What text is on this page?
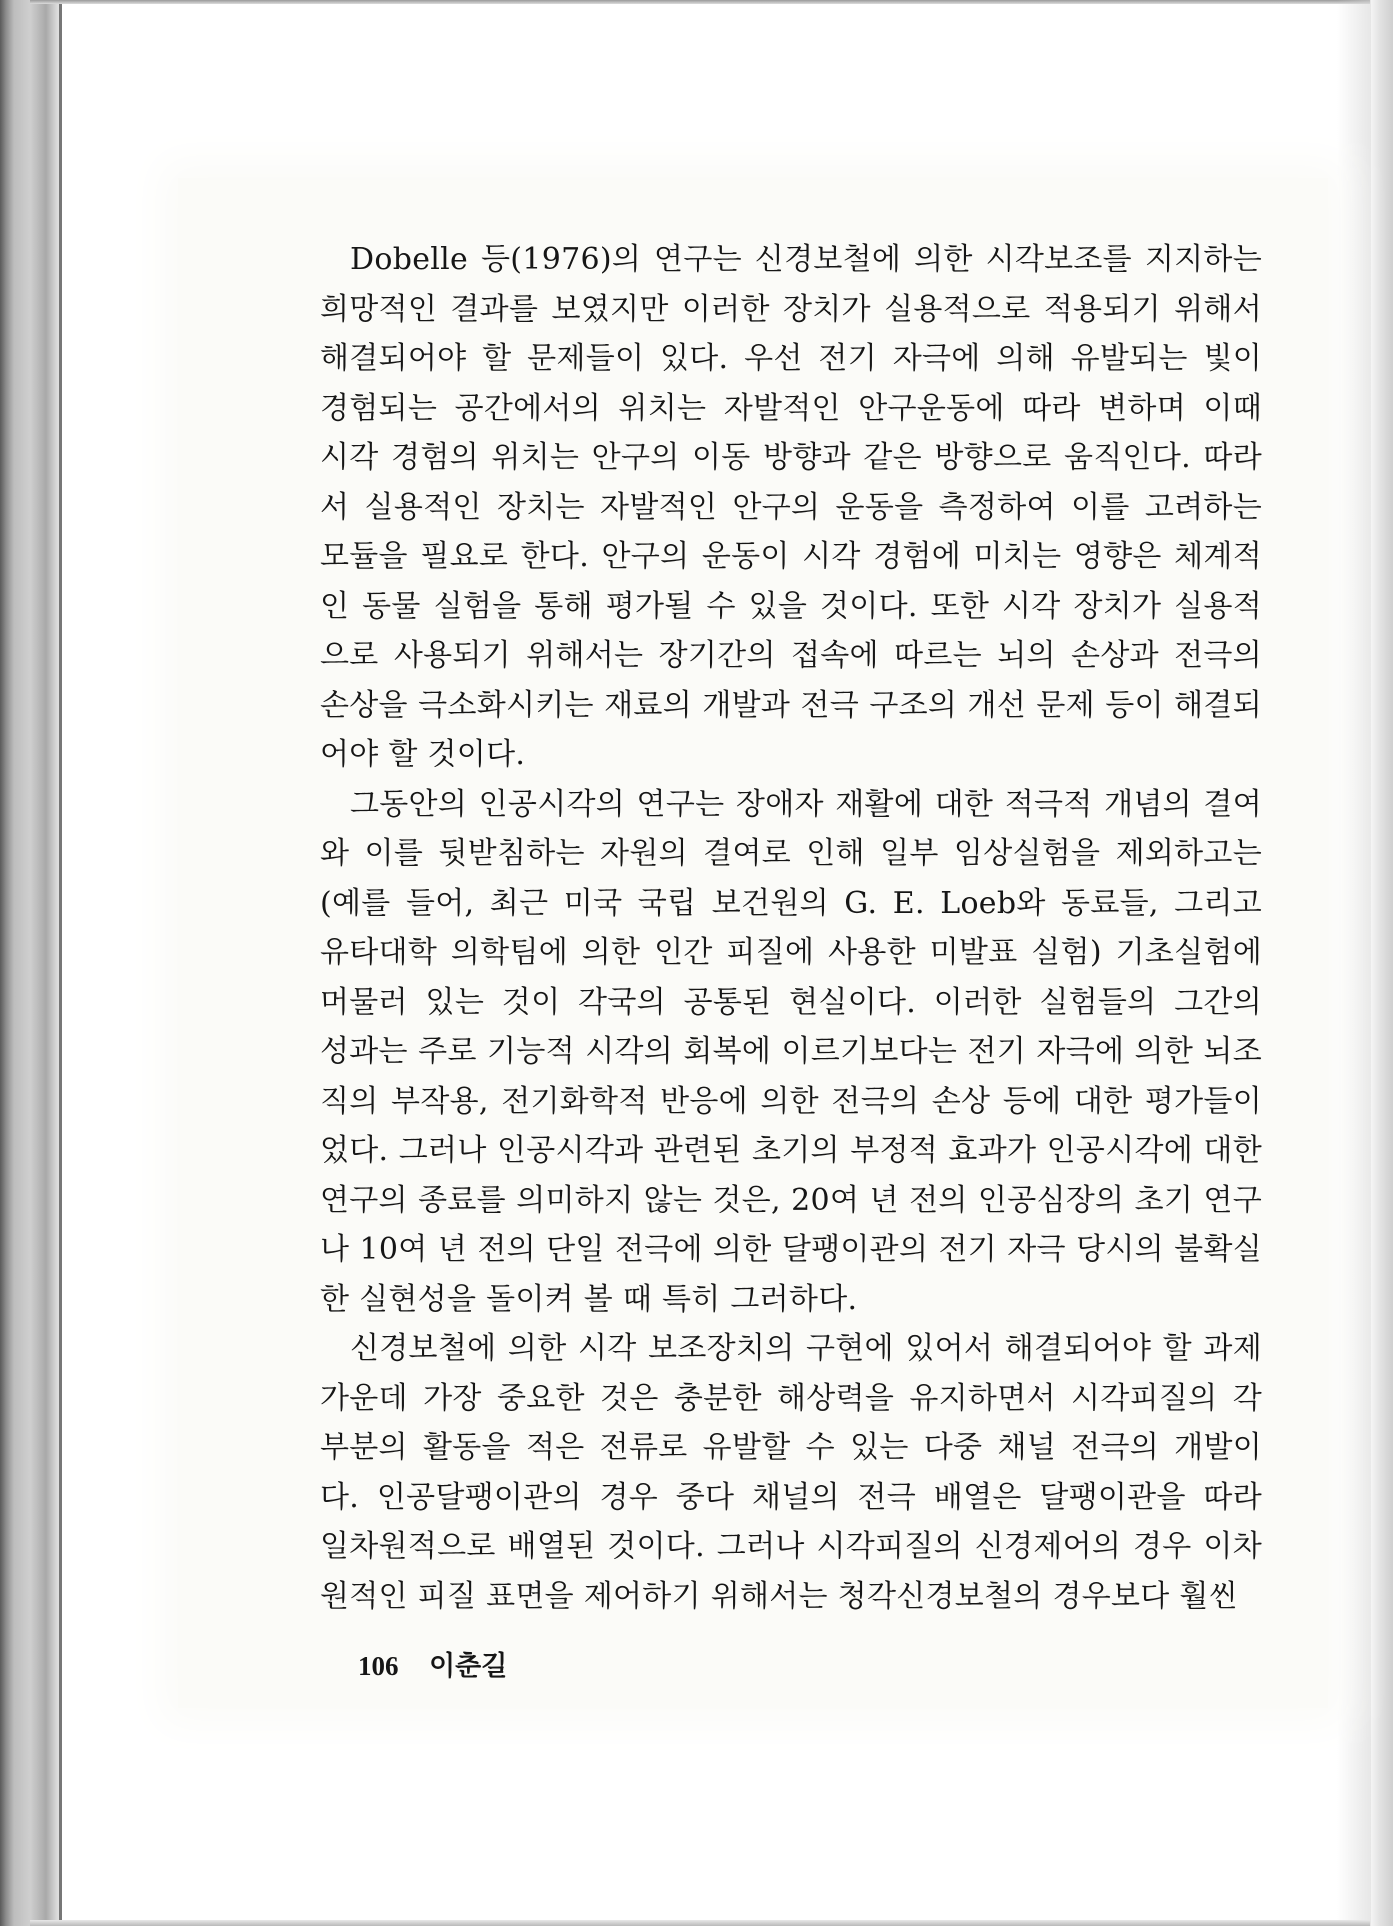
Dobelle 등(1976)의 연구는 신경보철에 의한 시각보조를 지지하는
희망적인 결과를 보였지만 이러한 장치가 실용적으로 적용되기 위해서
해결되어야 할 문제들이 있다. 우선 전기 자극에 의해 유발되는 빛이
경험되는 공간에서의 위치는 자발적인 안구운동에 따라 변하며 이때
시각 경험의 위치는 안구의 이동 방향과 같은 방향으로 움직인다. 따라
서 실용적인 장치는 자발적인 안구의 운동을 측정하여 이를 고려하는
모듈을 필요로 한다. 안구의 운동이 시각 경험에 미치는 영향은 체계적
인 동물 실험을 통해 평가될 수 있을 것이다. 또한 시각 장치가 실용적
으로 사용되기 위해서는 장기간의 접속에 따르는 뇌의 손상과 전극의
손상을 극소화시키는 재료의 개발과 전극 구조의 개선 문제 등이 해결되
어야 할 것이다.
그동안의 인공시각의 연구는 장애자 재활에 대한 적극적 개념의 결여
와 이를 뒷받침하는 자원의 결여로 인해 일부 임상실험을 제외하고는
(예를 들어, 최근 미국 국립 보건원의 G. E. Loeb와 동료들, 그리고
유타대학 의학팀에 의한 인간 피질에 사용한 미발표 실험) 기초실험에
머물러 있는 것이 각국의 공통된 현실이다. 이러한 실험들의 그간의
성과는 주로 기능적 시각의 회복에 이르기보다는 전기 자극에 의한 뇌조
직의 부작용, 전기화학적 반응에 의한 전극의 손상 등에 대한 평가들이
었다. 그러나 인공시각과 관련된 초기의 부정적 효과가 인공시각에 대한
연구의 종료를 의미하지 않는 것은, 20여 년 전의 인공심장의 초기 연구
나 10여 년 전의 단일 전극에 의한 달팽이관의 전기 자극 당시의 불확실
한 실현성을 돌이켜 볼 때 특히 그러하다.
신경보철에 의한 시각 보조장치의 구현에 있어서 해결되어야 할 과제
가운데 가장 중요한 것은 충분한 해상력을 유지하면서 시각피질의 각
부분의 활동을 적은 전류로 유발할 수 있는 다중 채널 전극의 개발이
다. 인공달팽이관의 경우 중다 채널의 전극 배열은 달팽이관을 따라
일차원적으로 배열된 것이다. 그러나 시각피질의 신경제어의 경우 이차
원적인 피질 표면을 제어하기 위해서는 청각신경보철의 경우보다 훨씬
106 이춘길
